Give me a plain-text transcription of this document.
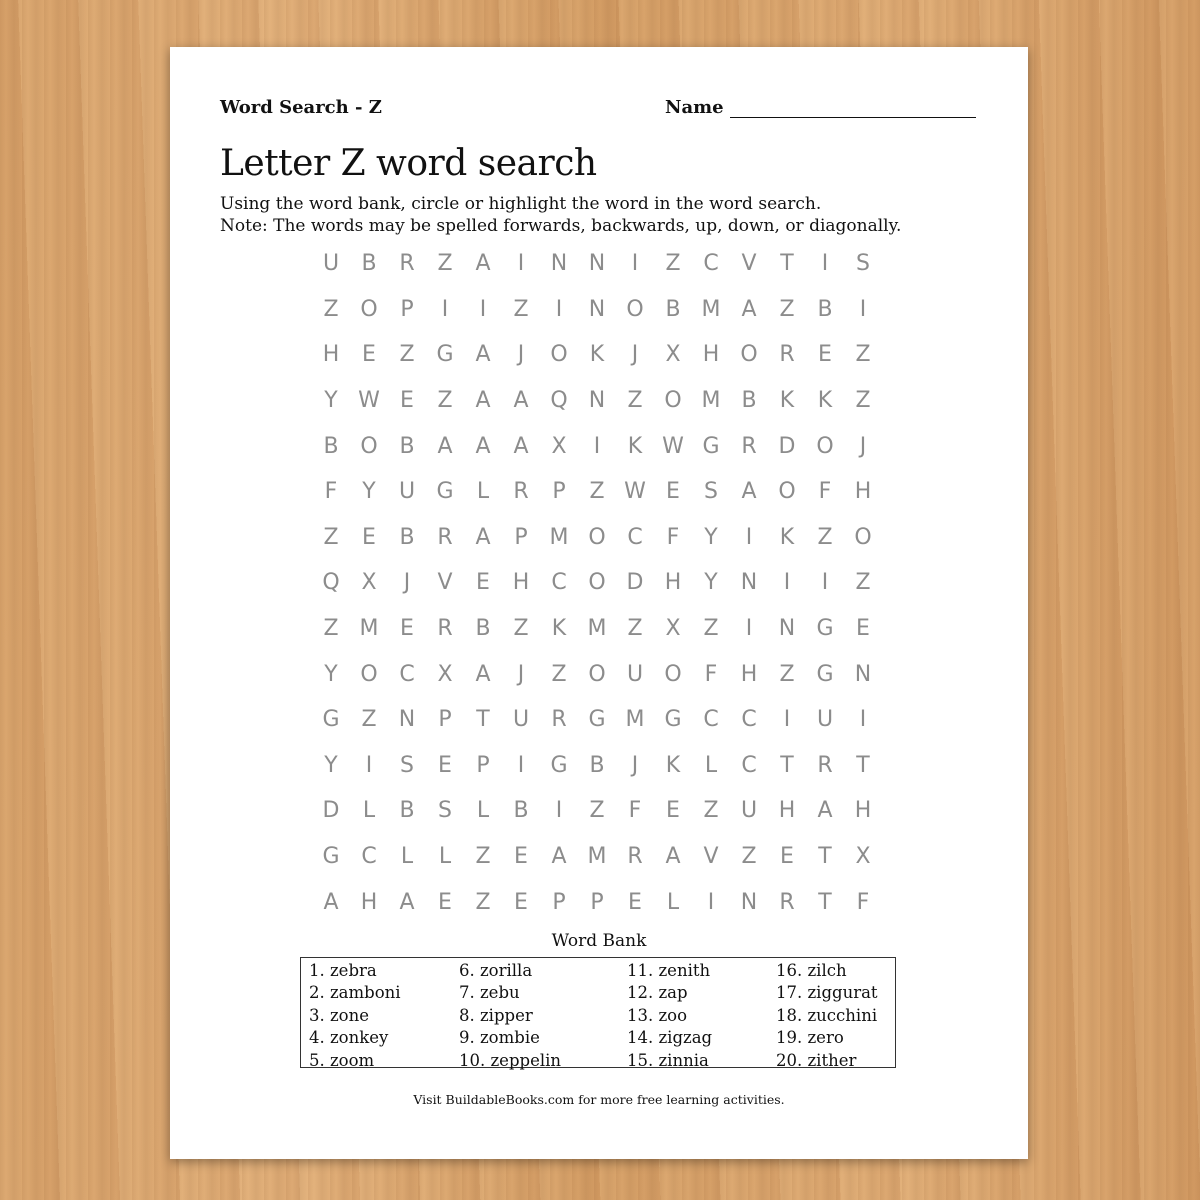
Word Search - Z	Name
Letter Z word search
Using the word bank, circle or highlight the word in the word search.
Note: The words may be spelled forwards, backwards, up, down, or diagonally.
U	B	R	Z	A	I	N N	I	Z	C	V	T	I	S
Z O	P	I	I	Z	I	N O B M A	Z	B	I
H	E	Z G A	J	O	K	J	X	H O R	E	Z
Y W E	Z	A	A Q N	Z O M B	K	K	Z
B O B	A	A	A	X	I	K W G R D O	J
F	Y	U G	L	R	P	Z W E	S	A O	F	H
Z	E	B	R	A	P M O C	F	Y	I	K	Z O
Q X	J	V	E	H	C O D H	Y	N	I	I	Z
Z M E	R	B	Z	K M Z	X	Z	I	N G	E
Y	O C	X	A	J	Z O U O	F	H	Z G N
G Z	N	P	T	U	R G M G C	C	I	U	I
Y	I	S	E	P	I	G B	J	K	L	C	T	R	T
D	L	B	S	L	B	I	Z	F	E	Z	U H	A	H
G C	L	L	Z	E	A M R	A	V	Z	E	T	X
A	H	A	E	Z	E	P	P	E	L	I	N	R	T	F
Word Bank
1. zebra
2. zamboni
3. zone
4. zonkey
5. zoom
6. zorilla
7. zebu
8. zipper
9. zombie
10. zeppelin
11. zenith
12. zap
13. zoo
14. zigzag
15. zinnia
16. zilch
17. ziggurat
18. zucchini
19. zero
20. zither
Visit BuildableBooks.com for more free learning activities.
